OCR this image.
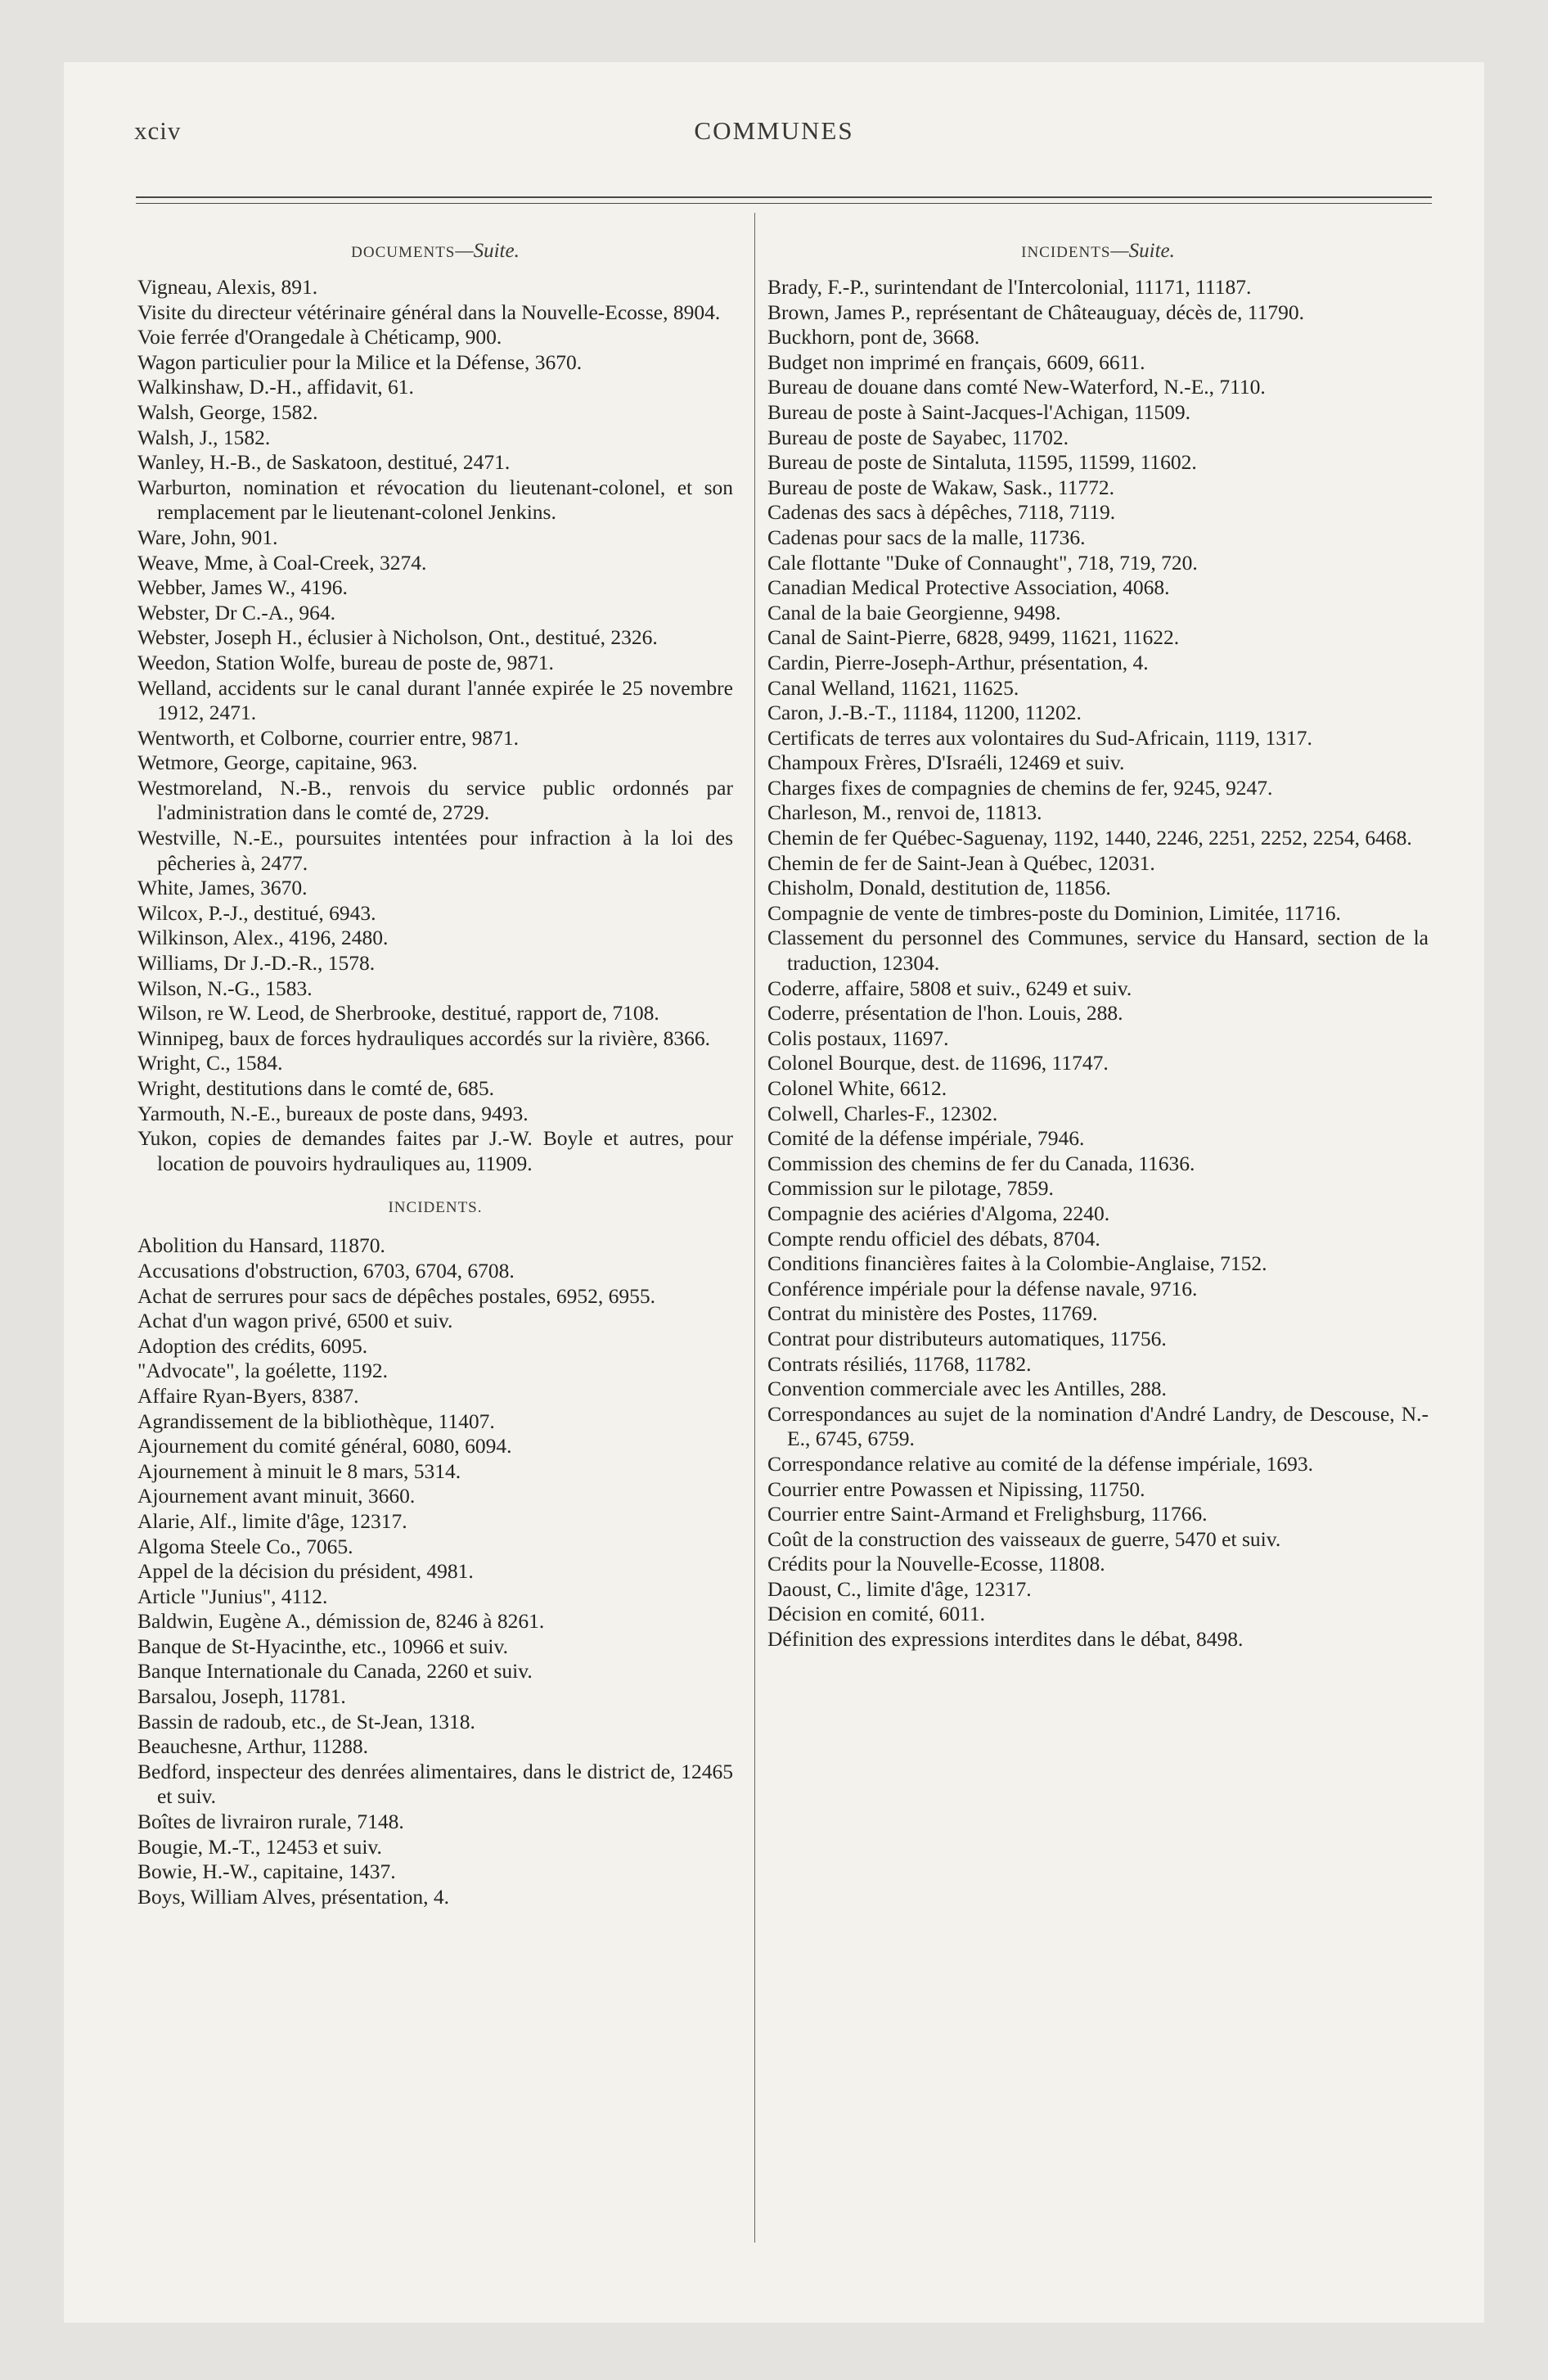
COMMUNES
xciv
DOCUMENTS—Suite.
Vigneau, Alexis, 891.
Visite du directeur vétérinaire général dans la Nouvelle-Ecosse, 8904.
Voie ferrée d'Orangedale à Chéticamp, 900.
Wagon particulier pour la Milice et la Défense, 3670.
Walkinshaw, D.-H., affidavit, 61.
Walsh, George, 1582.
Walsh, J., 1582.
Wanley, H.-B., de Saskatoon, destitué, 2471.
Warburton, nomination et révocation du lieutenant-colonel, et son remplacement par le lieutenant-colonel Jenkins.
Ware, John, 901.
Weave, Mme, à Coal-Creek, 3274.
Webber, James W., 4196.
Webster, Dr C.-A., 964.
Webster, Joseph H., éclusier à Nicholson, Ont., destitué, 2326.
Weedon, Station Wolfe, bureau de poste de, 9871.
Welland, accidents sur le canal durant l'année expirée le 25 novembre 1912, 2471.
Wentworth, et Colborne, courrier entre, 9871.
Wetmore, George, capitaine, 963.
Westmoreland, N.-B., renvois du service public ordonnés par l'administration dans le comté de, 2729.
Westville, N.-E., poursuites intentées pour infraction à la loi des pêcheries à, 2477.
White, James, 3670.
Wilcox, P.-J., destitué, 6943.
Wilkinson, Alex., 4196, 2480.
Williams, Dr J.-D.-R., 1578.
Wilson, N.-G., 1583.
Wilson, re W. Leod, de Sherbrooke, destitué, rapport de, 7108.
Winnipeg, baux de forces hydrauliques accordés sur la rivière, 8366.
Wright, C., 1584.
Wright, destitutions dans le comté de, 685.
Yarmouth, N.-E., bureaux de poste dans, 9493.
Yukon, copies de demandes faites par J.-W. Boyle et autres, pour location de pouvoirs hydrauliques au, 11909.
INCIDENTS.
Abolition du Hansard, 11870.
Accusations d'obstruction, 6703, 6704, 6708.
Achat de serrures pour sacs de dépêches postales, 6952, 6955.
Achat d'un wagon privé, 6500 et suiv.
Adoption des crédits, 6095.
"Advocate", la goélette, 1192.
Affaire Ryan-Byers, 8387.
Agrandissement de la bibliothèque, 11407.
Ajournement du comité général, 6080, 6094.
Ajournement à minuit le 8 mars, 5314.
Ajournement avant minuit, 3660.
Alarie, Alf., limite d'âge, 12317.
Algoma Steele Co., 7065.
Appel de la décision du président, 4981.
Article "Junius", 4112.
Baldwin, Eugène A., démission de, 8246 à 8261.
Banque de St-Hyacinthe, etc., 10966 et suiv.
Banque Internationale du Canada, 2260 et suiv.
Barsalou, Joseph, 11781.
Bassin de radoub, etc., de St-Jean, 1318.
Beauchesne, Arthur, 11288.
Bedford, inspecteur des denrées alimentaires, dans le district de, 12465 et suiv.
Boîtes de livrairon rurale, 7148.
Bougie, M.-T., 12453 et suiv.
Bowie, H.-W., capitaine, 1437.
Boys, William Alves, présentation, 4.
INCIDENTS—Suite.
Brady, F.-P., surintendant de l'Intercolonial, 11171, 11187.
Brown, James P., représentant de Châteauguay, décès de, 11790.
Buckhorn, pont de, 3668.
Budget non imprimé en français, 6609, 6611.
Bureau de douane dans comté New-Waterford, N.-E., 7110.
Bureau de poste à Saint-Jacques-l'Achigan, 11509.
Bureau de poste de Sayabec, 11702.
Bureau de poste de Sintaluta, 11595, 11599, 11602.
Bureau de poste de Wakaw, Sask., 11772.
Cadenas des sacs à dépêches, 7118, 7119.
Cadenas pour sacs de la malle, 11736.
Cale flottante "Duke of Connaught", 718, 719, 720.
Canadian Medical Protective Association, 4068.
Canal de la baie Georgienne, 9498.
Canal de Saint-Pierre, 6828, 9499, 11621, 11622.
Cardin, Pierre-Joseph-Arthur, présentation, 4.
Canal Welland, 11621, 11625.
Caron, J.-B.-T., 11184, 11200, 11202.
Certificats de terres aux volontaires du Sud-Africain, 1119, 1317.
Champoux Frères, D'Israéli, 12469 et suiv.
Charges fixes de compagnies de chemins de fer, 9245, 9247.
Charleson, M., renvoi de, 11813.
Chemin de fer Québec-Saguenay, 1192, 1440, 2246, 2251, 2252, 2254, 6468.
Chemin de fer de Saint-Jean à Québec, 12031.
Chisholm, Donald, destitution de, 11856.
Compagnie de vente de timbres-poste du Dominion, Limitée, 11716.
Classement du personnel des Communes, service du Hansard, section de la traduction, 12304.
Coderre, affaire, 5808 et suiv., 6249 et suiv.
Coderre, présentation de l'hon. Louis, 288.
Colis postaux, 11697.
Colonel Bourque, dest. de 11696, 11747.
Colonel White, 6612.
Colwell, Charles-F., 12302.
Comité de la défense impériale, 7946.
Commission des chemins de fer du Canada, 11636.
Commission sur le pilotage, 7859.
Compagnie des aciéries d'Algoma, 2240.
Compte rendu officiel des débats, 8704.
Conditions financières faites à la Colombie-Anglaise, 7152.
Conférence impériale pour la défense navale, 9716.
Contrat du ministère des Postes, 11769.
Contrat pour distributeurs automatiques, 11756.
Contrats résiliés, 11768, 11782.
Convention commerciale avec les Antilles, 288.
Correspondances au sujet de la nomination d'André Landry, de Descouse, N.-E., 6745, 6759.
Correspondance relative au comité de la défense impériale, 1693.
Courrier entre Powassen et Nipissing, 11750.
Courrier entre Saint-Armand et Frelighsburg, 11766.
Coût de la construction des vaisseaux de guerre, 5470 et suiv.
Crédits pour la Nouvelle-Ecosse, 11808.
Daoust, C., limite d'âge, 12317.
Décision en comité, 6011.
Définition des expressions interdites dans le débat, 8498.
